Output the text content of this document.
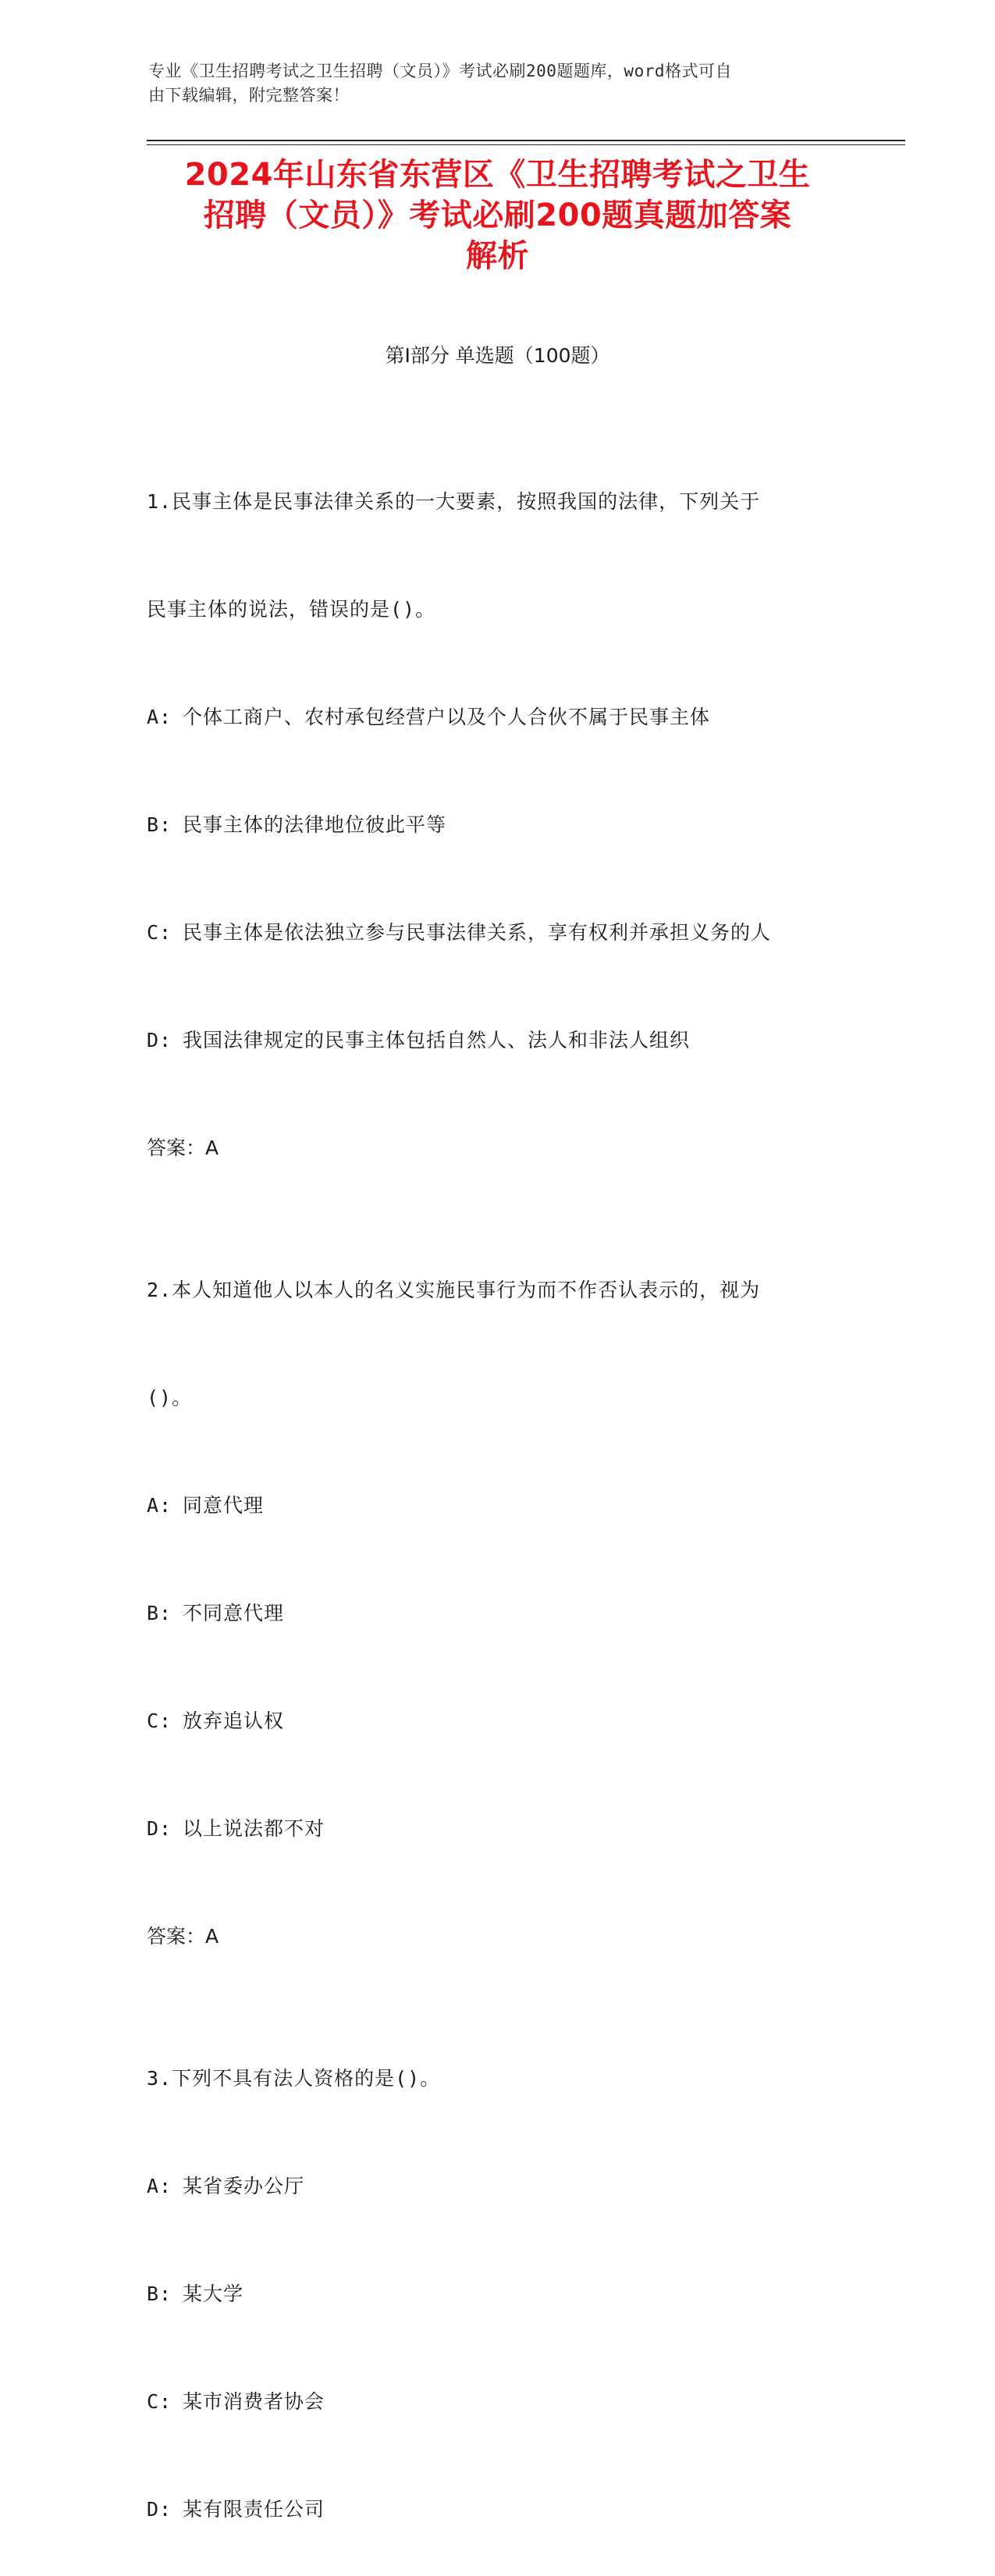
专业《卫生招聘考试之卫生招聘（文员）》考试必刷200题题库，word格式可自
由下载编辑，附完整答案！
2024年山东省东营区《卫生招聘考试之卫生
招聘（文员）》考试必刷200题真题加答案
解析
第Ⅰ部分 单选题（100题）

1.民事主体是民事法律关系的一大要素，按照我国的法律，下列关于

民事主体的说法，错误的是()。

A: 个体工商户、农村承包经营户以及个人合伙不属于民事主体

B: 民事主体的法律地位彼此平等

C: 民事主体是依法独立参与民事法律关系，享有权利并承担义务的人

D: 我国法律规定的民事主体包括自然人、法人和非法人组织

答案：A

2.本人知道他人以本人的名义实施民事行为而不作否认表示的，视为

()。

A: 同意代理

B: 不同意代理

C: 放弃追认权

D: 以上说法都不对

答案：A

3.下列不具有法人资格的是()。

A: 某省委办公厅

B: 某大学

C: 某市消费者协会

D: 某有限责任公司
